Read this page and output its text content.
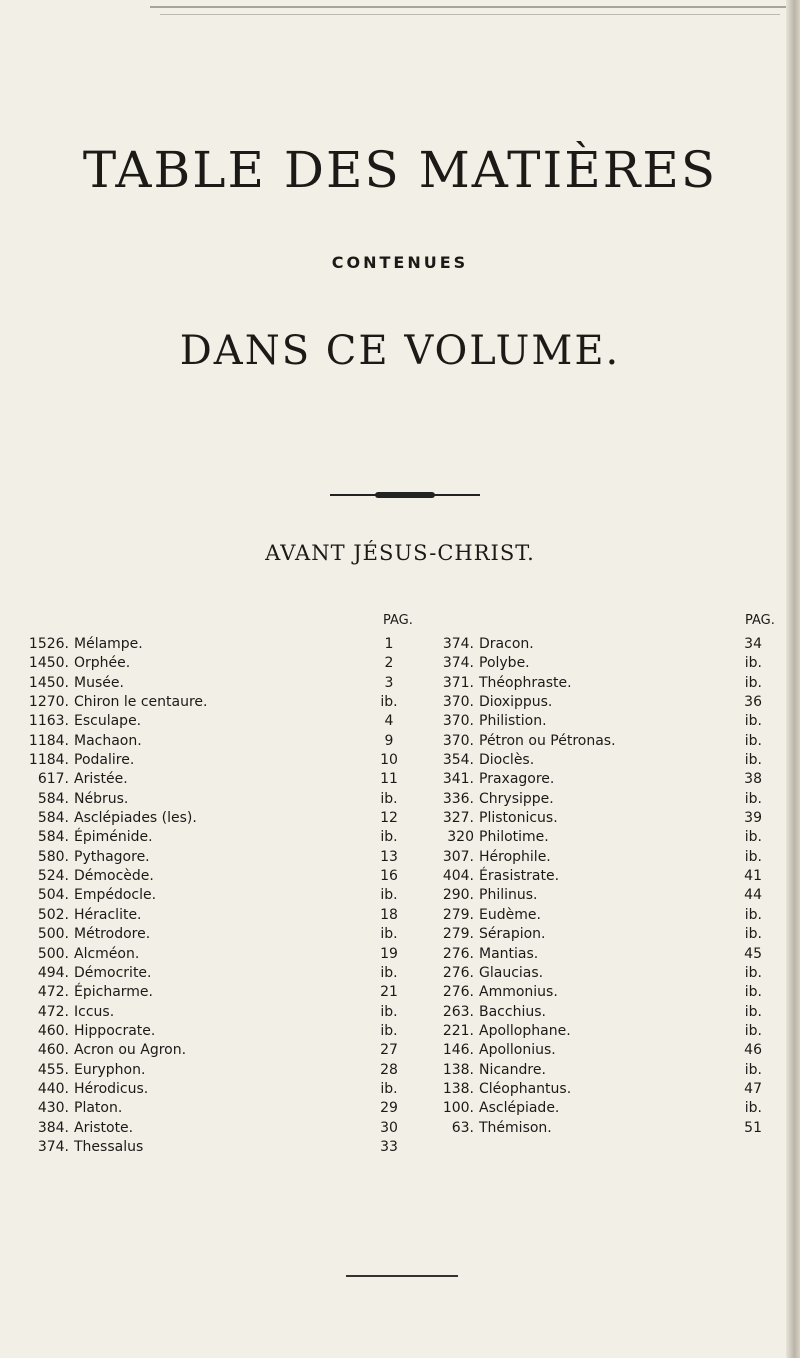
TABLE DES MATIÈRES
CONTENUES
DANS CE VOLUME.
AVANT JÉSUS-CHRIST.
PAG.	PAG.
1526. Mélampe.	1
1450. Orphée.	2
1450. Musée.	3
1270. Chiron le centaure.	ib.
1163. Esculape.	4
1184. Machaon.	9
1184. Podalire.	10
617. Aristée.	11
584. Nébrus.	ib.
584. Asclépiades (les).	12
584. Épiménide.	ib.
580. Pythagore.	13
524. Démocède.	16
504. Empédocle.	ib.
502. Héraclite.	18
500. Métrodore.	ib.
500. Alcméon.	19
494. Démocrite.	ib.
472. Épicharme.	21
472. Iccus.	ib.
460. Hippocrate.	ib.
460. Acron ou Agron.	27
455. Euryphon.	28
440. Hérodicus.	ib.
430. Platon.	29
384. Aristote.	30
374. Thessalus	33
374. Dracon.	34
374. Polybe.	ib.
371. Théophraste.	ib.
370. Dioxippus.	36
370. Philistion.	ib.
370. Pétron ou Pétronas.	ib.
354. Dioclès.	ib.
341. Praxagore.	38
336. Chrysippe.	ib.
327. Plistonicus.	39
320 Philotime.	ib.
307. Hérophile.	ib.
404. Érasistrate.	41
290. Philinus.	44
279. Eudème.	ib.
279. Sérapion.	ib.
276. Mantias.	45
276. Glaucias.	ib.
276. Ammonius.	ib.
263. Bacchius.	ib.
221. Apollophane.	ib.
146. Apollonius.	46
138. Nicandre.	ib.
138. Cléophantus.	47
100. Asclépiade.	ib.
63. Thémison.	51
